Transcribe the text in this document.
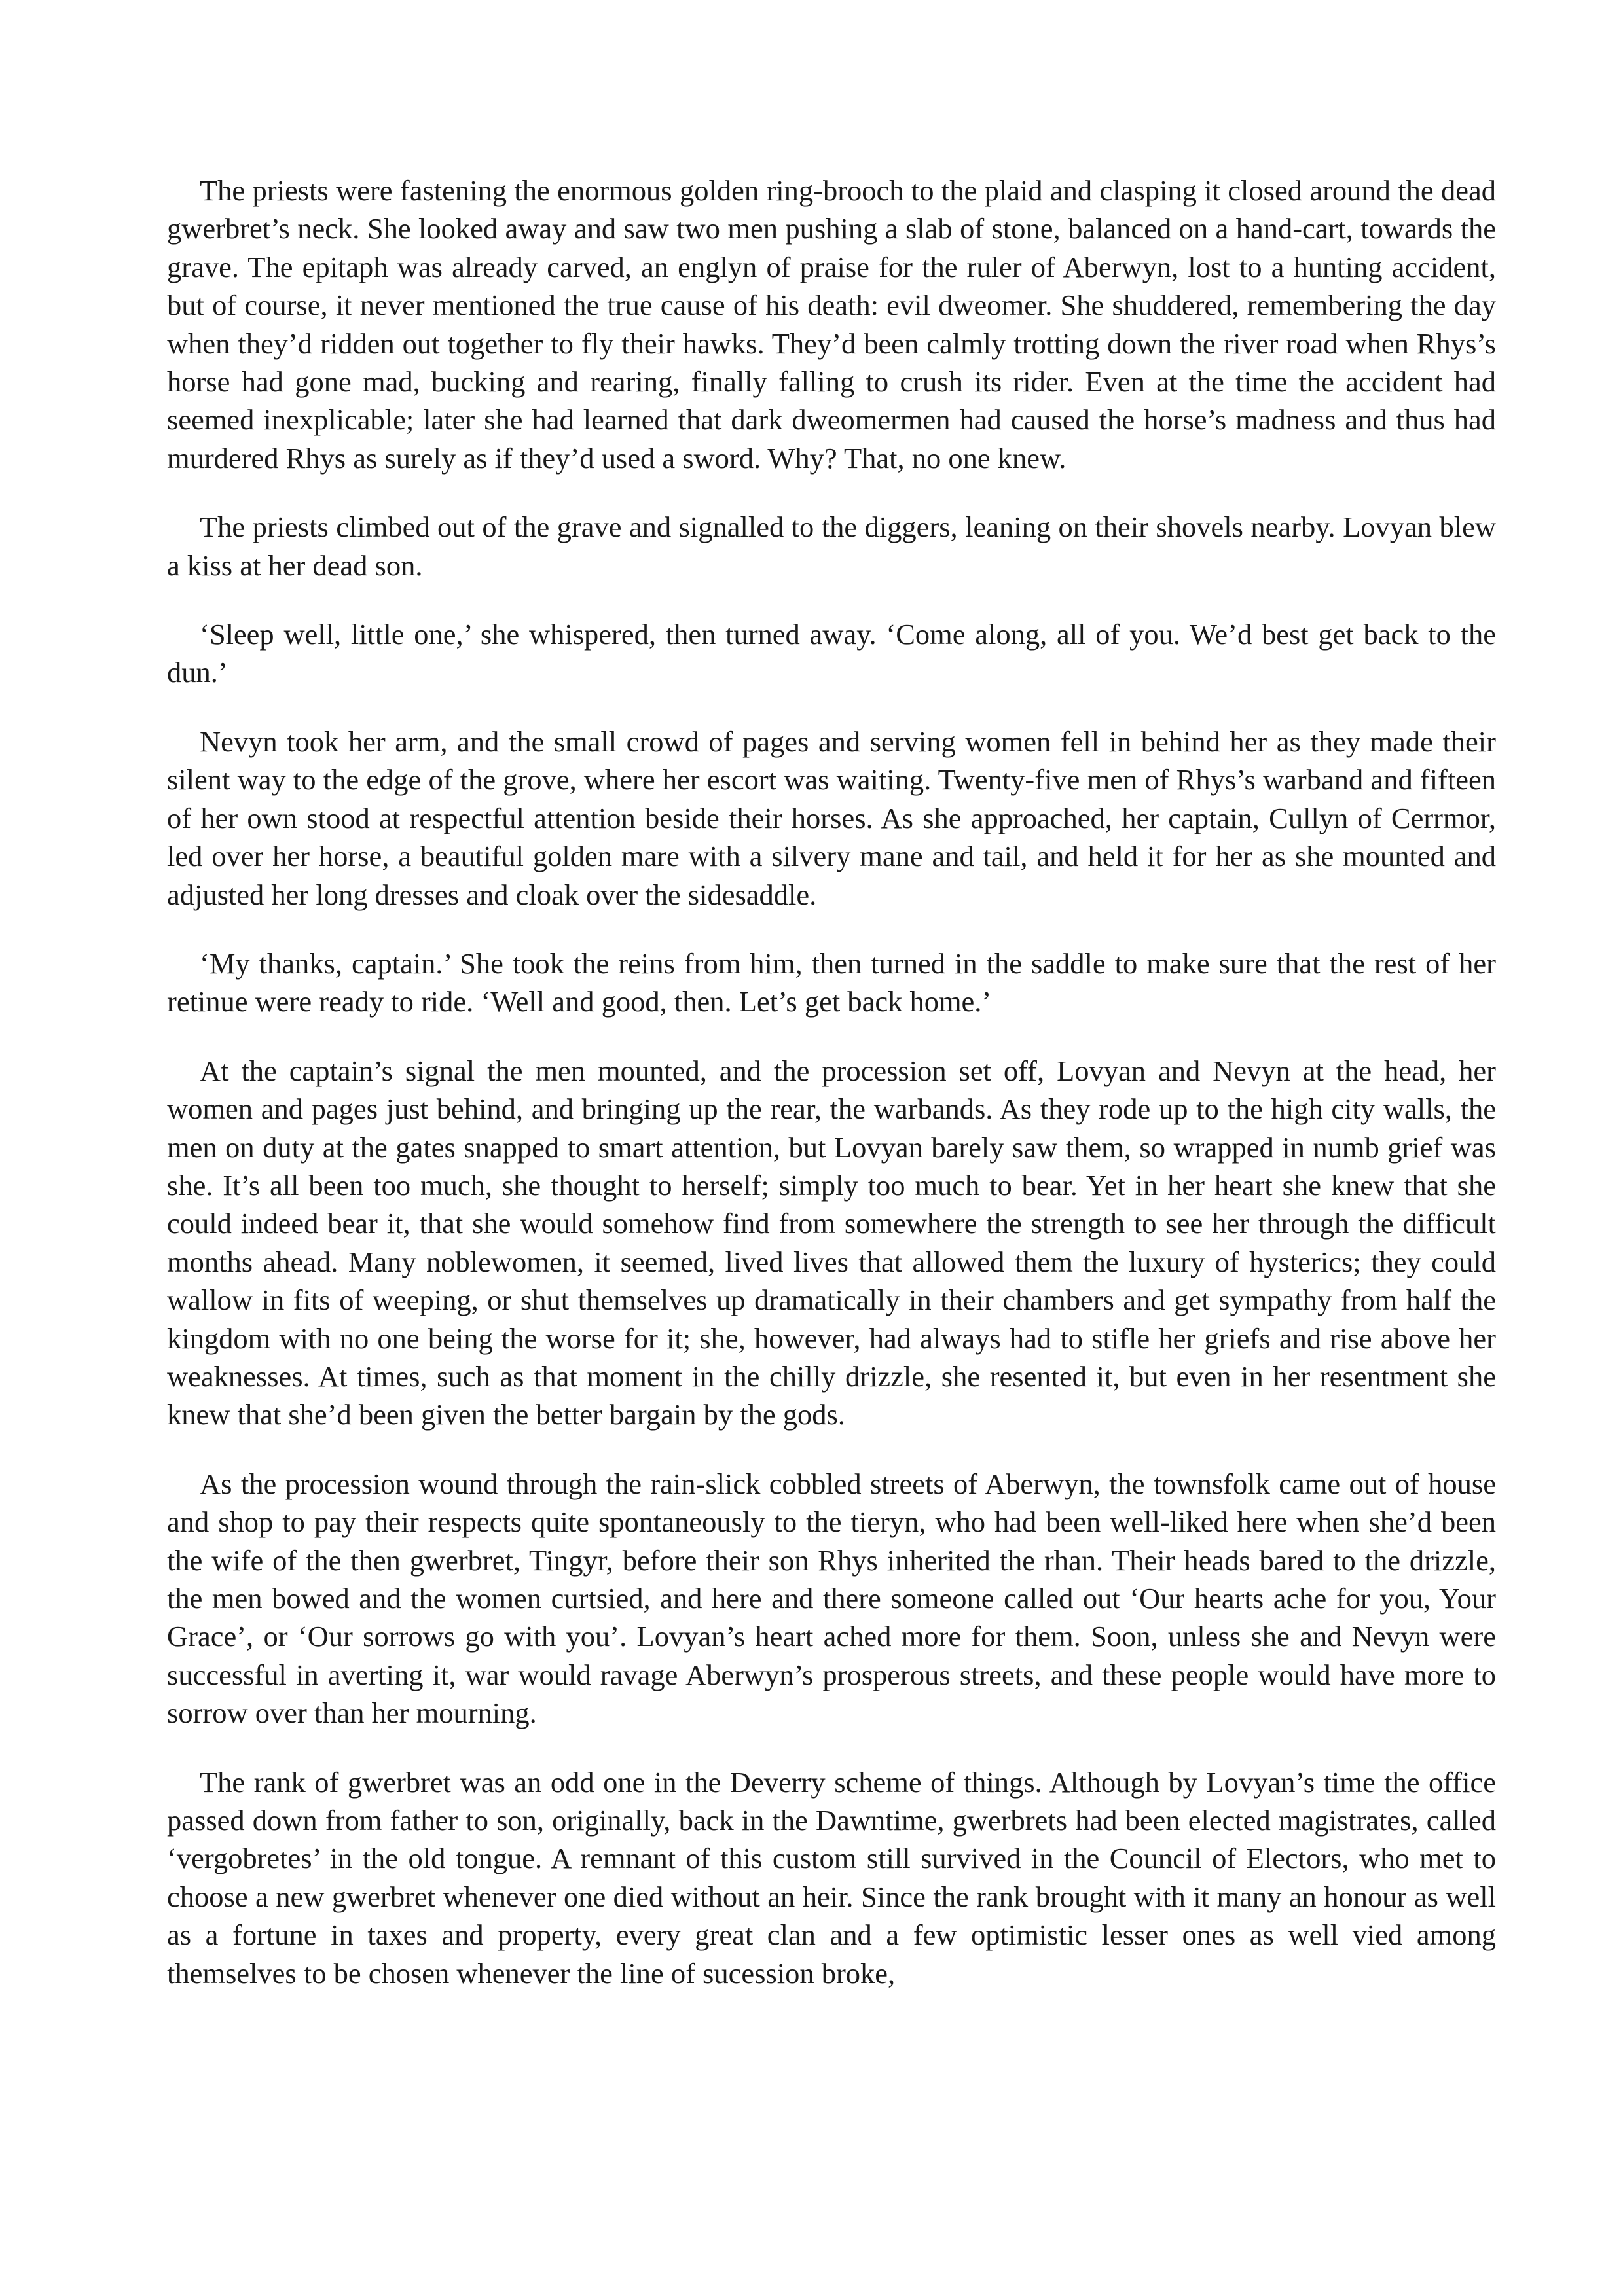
The priests were fastening the enormous golden ring-brooch to the plaid and clasping it closed around the dead gwerbret’s neck. She looked away and saw two men pushing a slab of stone, balanced on a hand-cart, towards the grave. The epitaph was already carved, an englyn of praise for the ruler of Aberwyn, lost to a hunting accident, but of course, it never mentioned the true cause of his death: evil dweomer. She shuddered, remembering the day when they’d ridden out together to fly their hawks. They’d been calmly trotting down the river road when Rhys’s horse had gone mad, bucking and rearing, finally falling to crush its rider. Even at the time the accident had seemed inexplicable; later she had learned that dark dweomermen had caused the horse’s madness and thus had murdered Rhys as surely as if they’d used a sword. Why? That, no one knew.

The priests climbed out of the grave and signalled to the diggers, leaning on their shovels nearby. Lovyan blew a kiss at her dead son.

‘Sleep well, little one,’ she whispered, then turned away. ‘Come along, all of you. We’d best get back to the dun.’

Nevyn took her arm, and the small crowd of pages and serving women fell in behind her as they made their silent way to the edge of the grove, where her escort was waiting. Twenty-five men of Rhys’s warband and fifteen of her own stood at respectful attention beside their horses. As she approached, her captain, Cullyn of Cerrmor, led over her horse, a beautiful golden mare with a silvery mane and tail, and held it for her as she mounted and adjusted her long dresses and cloak over the sidesaddle.

‘My thanks, captain.’ She took the reins from him, then turned in the saddle to make sure that the rest of her retinue were ready to ride. ‘Well and good, then. Let’s get back home.’

At the captain’s signal the men mounted, and the procession set off, Lovyan and Nevyn at the head, her women and pages just behind, and bringing up the rear, the warbands. As they rode up to the high city walls, the men on duty at the gates snapped to smart attention, but Lovyan barely saw them, so wrapped in numb grief was she. It’s all been too much, she thought to herself; simply too much to bear. Yet in her heart she knew that she could indeed bear it, that she would somehow find from somewhere the strength to see her through the difficult months ahead. Many noblewomen, it seemed, lived lives that allowed them the luxury of hysterics; they could wallow in fits of weeping, or shut themselves up dramatically in their chambers and get sympathy from half the kingdom with no one being the worse for it; she, however, had always had to stifle her griefs and rise above her weaknesses. At times, such as that moment in the chilly drizzle, she resented it, but even in her resentment she knew that she’d been given the better bargain by the gods.

As the procession wound through the rain-slick cobbled streets of Aberwyn, the townsfolk came out of house and shop to pay their respects quite spontaneously to the tieryn, who had been well-liked here when she’d been the wife of the then gwerbret, Tingyr, before their son Rhys inherited the rhan. Their heads bared to the drizzle, the men bowed and the women curtsied, and here and there someone called out ‘Our hearts ache for you, Your Grace’, or ‘Our sorrows go with you’. Lovyan’s heart ached more for them. Soon, unless she and Nevyn were successful in averting it, war would ravage Aberwyn’s prosperous streets, and these people would have more to sorrow over than her mourning.

The rank of gwerbret was an odd one in the Deverry scheme of things. Although by Lovyan’s time the office passed down from father to son, originally, back in the Dawntime, gwerbrets had been elected magistrates, called ‘vergobretes’ in the old tongue. A remnant of this custom still survived in the Council of Electors, who met to choose a new gwerbret whenever one died without an heir. Since the rank brought with it many an honour as well as a fortune in taxes and property, every great clan and a few optimistic lesser ones as well vied among themselves to be chosen whenever the line of sucession broke,
